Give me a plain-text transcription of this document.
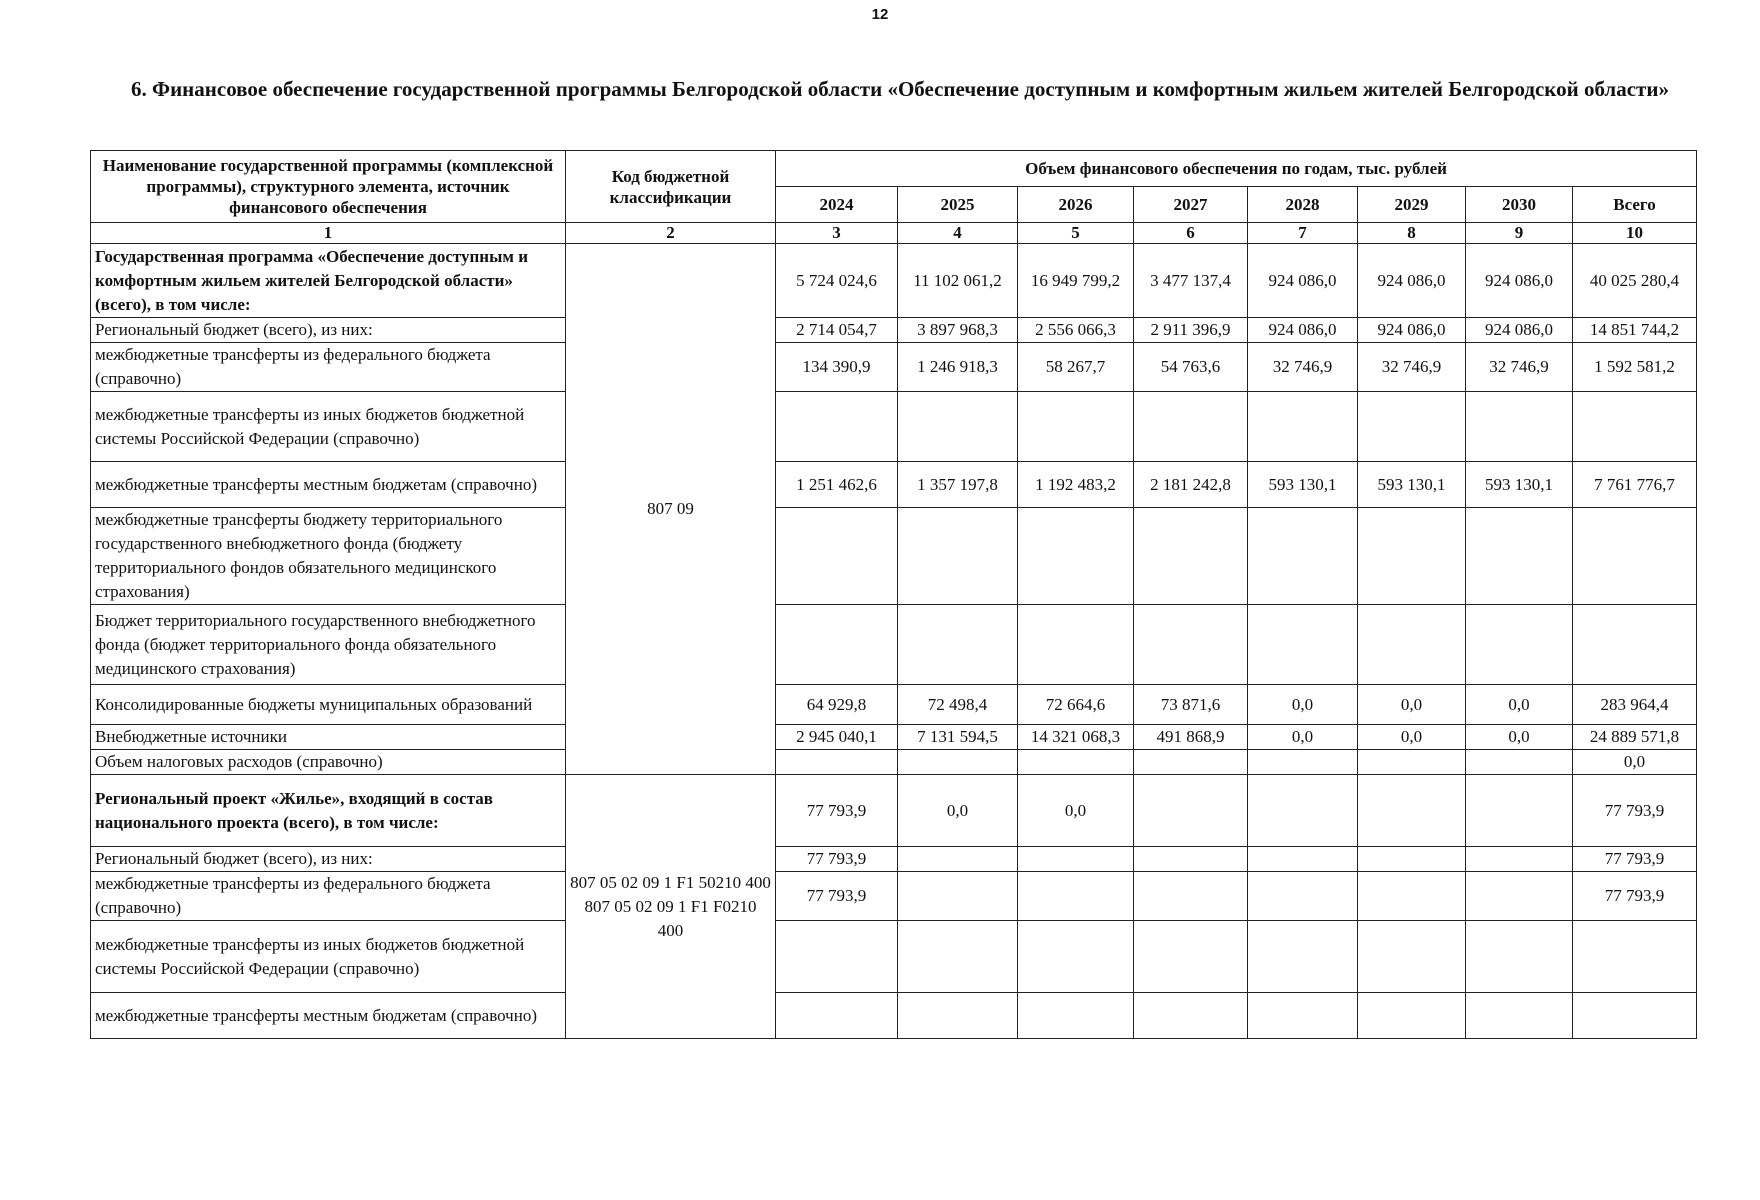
12
6. Финансовое обеспечение государственной программы Белгородской области «Обеспечение доступным и комфортным жильем жителей Белгородской области»
Наименование государственной программы (комплексной программы), структурного элемента, источник финансового обеспечения	Код бюджетной классификации	Объем финансового обеспечения по годам, тыс. рублей							
		2024	2025	2026	2027	2028	2029	2030	Всего
1	2	3	4	5	6	7	8	9	10
Государственная программа «Обеспечение доступным и комфортным жильем жителей Белгородской области» (всего), в том числе:	807 09	5 724 024,6	11 102 061,2	16 949 799,2	3 477 137,4	924 086,0	924 086,0	924 086,0	40 025 280,4
Региональный бюджет (всего), из них:		2 714 054,7	3 897 968,3	2 556 066,3	2 911 396,9	924 086,0	924 086,0	924 086,0	14 851 744,2
межбюджетные трансферты из федерального бюджета (справочно)		134 390,9	1 246 918,3	58 267,7	54 763,6	32 746,9	32 746,9	32 746,9	1 592 581,2
межбюджетные трансферты из иных бюджетов бюджетной системы Российской Федерации (справочно)									
межбюджетные трансферты местным бюджетам (справочно)		1 251 462,6	1 357 197,8	1 192 483,2	2 181 242,8	593 130,1	593 130,1	593 130,1	7 761 776,7
межбюджетные трансферты бюджету территориального государственного внебюджетного фонда (бюджету территориального фондов обязательного медицинского страхования)									
Бюджет территориального государственного внебюджетного фонда (бюджет территориального фонда обязательного медицинского страхования)									
Консолидированные бюджеты муниципальных образований		64 929,8	72 498,4	72 664,6	73 871,6	0,0	0,0	0,0	283 964,4
Внебюджетные источники		2 945 040,1	7 131 594,5	14 321 068,3	491 868,9	0,0	0,0	0,0	24 889 571,8
Объем налоговых расходов (справочно)									0,0
Региональный проект «Жилье», входящий в состав национального проекта (всего), в том числе:	807 05 02 09 1 F1 50210 400 807 05 02 09 1 F1 F0210 400	77 793,9	0,0	0,0					77 793,9
Региональный бюджет (всего), из них:		77 793,9							77 793,9
межбюджетные трансферты из федерального бюджета (справочно)		77 793,9							77 793,9
межбюджетные трансферты из иных бюджетов бюджетной системы Российской Федерации (справочно)									
межбюджетные трансферты местным бюджетам (справочно)									
